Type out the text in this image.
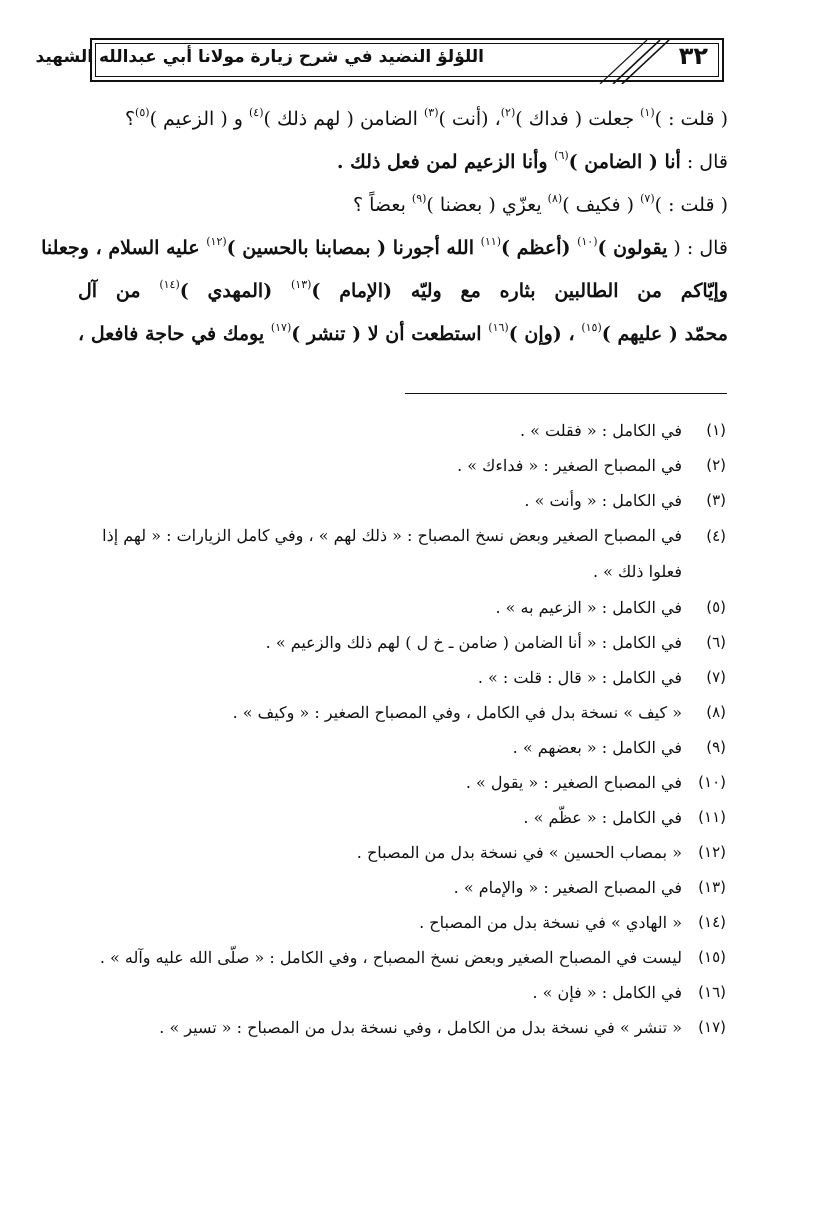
٣٢
اللؤلؤ النضيد في شرح زيارة مولانا أبي عبدالله الشهيد
( قلت : )$^{(١)}$ جعلت ( فداك )$^{(٢)}$، (أنت )$^{(٣)}$ الضامن ( لهم ذلك )$^{(٤)}$ و ( الزعيم )$^{(٥)}$؟
قال : أنا ( الضامن )$^{(٦)}$ وأنا الزعيم لمن فعل ذلك .
( قلت : )$^{(٧)}$ ( فكيف )$^{(٨)}$ يعزّي ( بعضنا )$^{(٩)}$ بعضاً ؟
قال : ( يقولون )$^{(١٠)}$ (أعظم )$^{(١١)}$ الله أجورنا ( بمصابنا بالحسين )$^{(١٢)}$ عليه السلام ، وجعلنا
وإيّاكم من الطالبين بثاره مع وليّه (الإمام )$^{(١٣)}$ (المهدي )$^{(١٤)}$ من آل
محمّد ( عليهم )$^{(١٥)}$ ، (وإن )$^{(١٦)}$ استطعت أن لا ( تنشر )$^{(١٧)}$ يومك في حاجة فافعل ،
(١)
في الكامل : « فقلت » .
(٢)
في المصباح الصغير : « فداءك » .
(٣)
في الكامل : « وأنت » .
(٤)
في المصباح الصغير وبعض نسخ المصباح : « ذلك لهم » ، وفي كامل الزيارات : « لهم إذا فعلوا ذلك » .
(٥)
في الكامل : « الزعيم به » .
(٦)
في الكامل : « أنا الضامن ( ضامن ـ خ ل ) لهم ذلك والزعيم » .
(٧)
في الكامل : « قال : قلت : » .
(٨)
« كيف » نسخة بدل في الكامل ، وفي المصباح الصغير : « وكيف » .
(٩)
في الكامل : « بعضهم » .
(١٠)
في المصباح الصغير : « يقول » .
(١١)
في الكامل : « عظّم » .
(١٢)
« بمصاب الحسين » في نسخة بدل من المصباح .
(١٣)
في المصباح الصغير : « والإمام » .
(١٤)
« الهادي » في نسخة بدل من المصباح .
(١٥)
ليست في المصباح الصغير وبعض نسخ المصباح ، وفي الكامل : « صلّى الله عليه وآله » .
(١٦)
في الكامل : « فإن » .
(١٧)
« تنشر » في نسخة بدل من الكامل ، وفي نسخة بدل من المصباح : « تسير » .
